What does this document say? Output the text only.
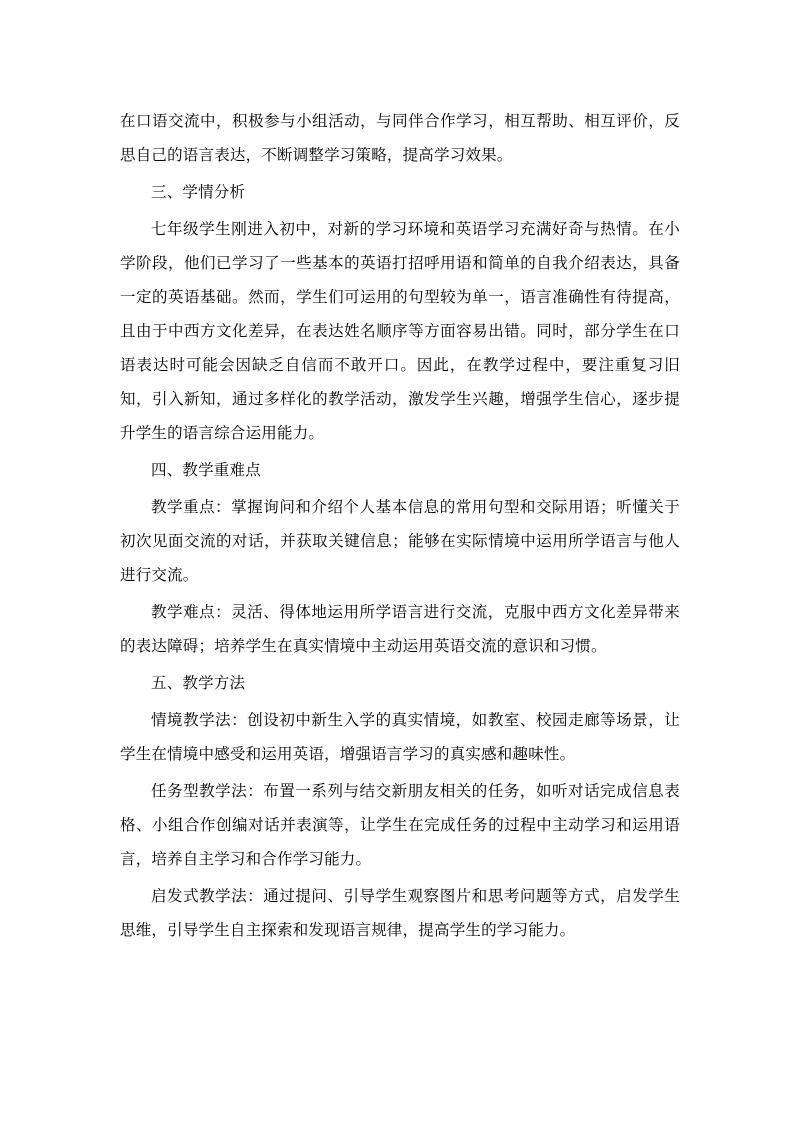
在口语交流中，积极参与小组活动，与同伴合作学习，相互帮助、相互评价，反思自己的语言表达，不断调整学习策略，提高学习效果。

三、学情分析

七年级学生刚进入初中，对新的学习环境和英语学习充满好奇与热情。在小学阶段，他们已学习了一些基本的英语打招呼用语和简单的自我介绍表达，具备一定的英语基础。然而，学生们可运用的句型较为单一，语言准确性有待提高，且由于中西方文化差异，在表达姓名顺序等方面容易出错。同时，部分学生在口语表达时可能会因缺乏自信而不敢开口。因此，在教学过程中，要注重复习旧知，引入新知，通过多样化的教学活动，激发学生兴趣，增强学生信心，逐步提升学生的语言综合运用能力。

四、教学重难点

教学重点：掌握询问和介绍个人基本信息的常用句型和交际用语；听懂关于初次见面交流的对话，并获取关键信息；能够在实际情境中运用所学语言与他人进行交流。

教学难点：灵活、得体地运用所学语言进行交流，克服中西方文化差异带来的表达障碍；培养学生在真实情境中主动运用英语交流的意识和习惯。

五、教学方法

情境教学法：创设初中新生入学的真实情境，如教室、校园走廊等场景，让学生在情境中感受和运用英语，增强语言学习的真实感和趣味性。

任务型教学法：布置一系列与结交新朋友相关的任务，如听对话完成信息表格、小组合作创编对话并表演等，让学生在完成任务的过程中主动学习和运用语言，培养自主学习和合作学习能力。

启发式教学法：通过提问、引导学生观察图片和思考问题等方式，启发学生思维，引导学生自主探索和发现语言规律，提高学生的学习能力。
